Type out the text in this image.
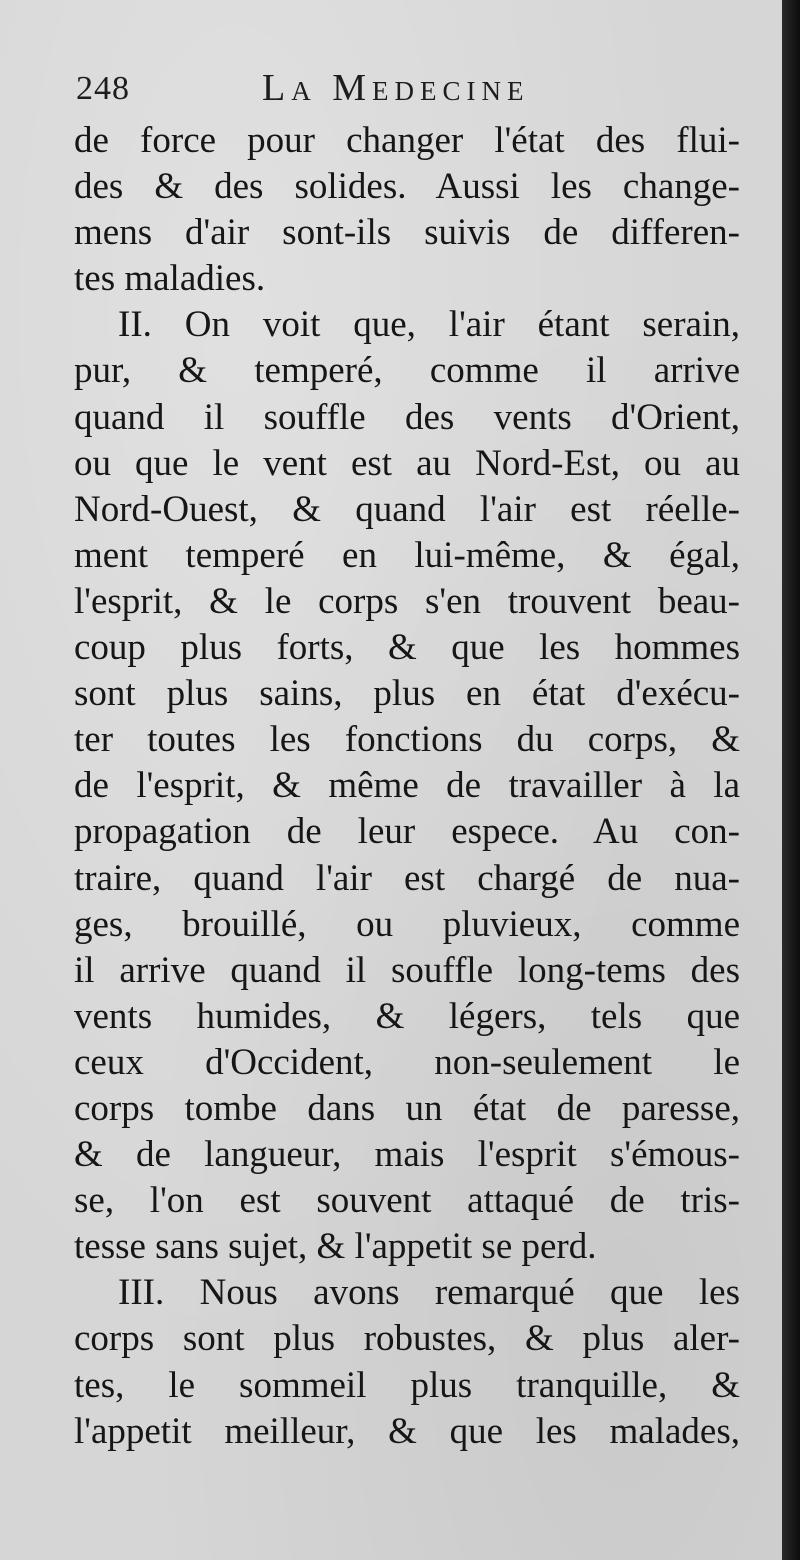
248	La Medecine
de force pour changer l'état des flui-
des & des solides. Aussi les change-
mens d'air sont-ils suivis de differen-
tes maladies.
II. On voit que, l'air étant serain,
pur, & temperé, comme il arrive
quand il souffle des vents d'Orient,
ou que le vent est au Nord-Est, ou au
Nord-Ouest, & quand l'air est réelle-
ment temperé en lui-même, & égal,
l'esprit, & le corps s'en trouvent beau-
coup plus forts, & que les hommes
sont plus sains, plus en état d'exécu-
ter toutes les fonctions du corps, &
de l'esprit, & même de travailler à la
propagation de leur espece. Au con-
traire, quand l'air est chargé de nua-
ges, brouillé, ou pluvieux, comme
il arrive quand il souffle long-tems des
vents humides, & légers, tels que
ceux d'Occident, non-seulement le
corps tombe dans un état de paresse,
& de langueur, mais l'esprit s'émous-
se, l'on est souvent attaqué de tris-
tesse sans sujet, & l'appetit se perd.
III. Nous avons remarqué que les
corps sont plus robustes, & plus aler-
tes, le sommeil plus tranquille, &
l'appetit meilleur, & que les malades,
